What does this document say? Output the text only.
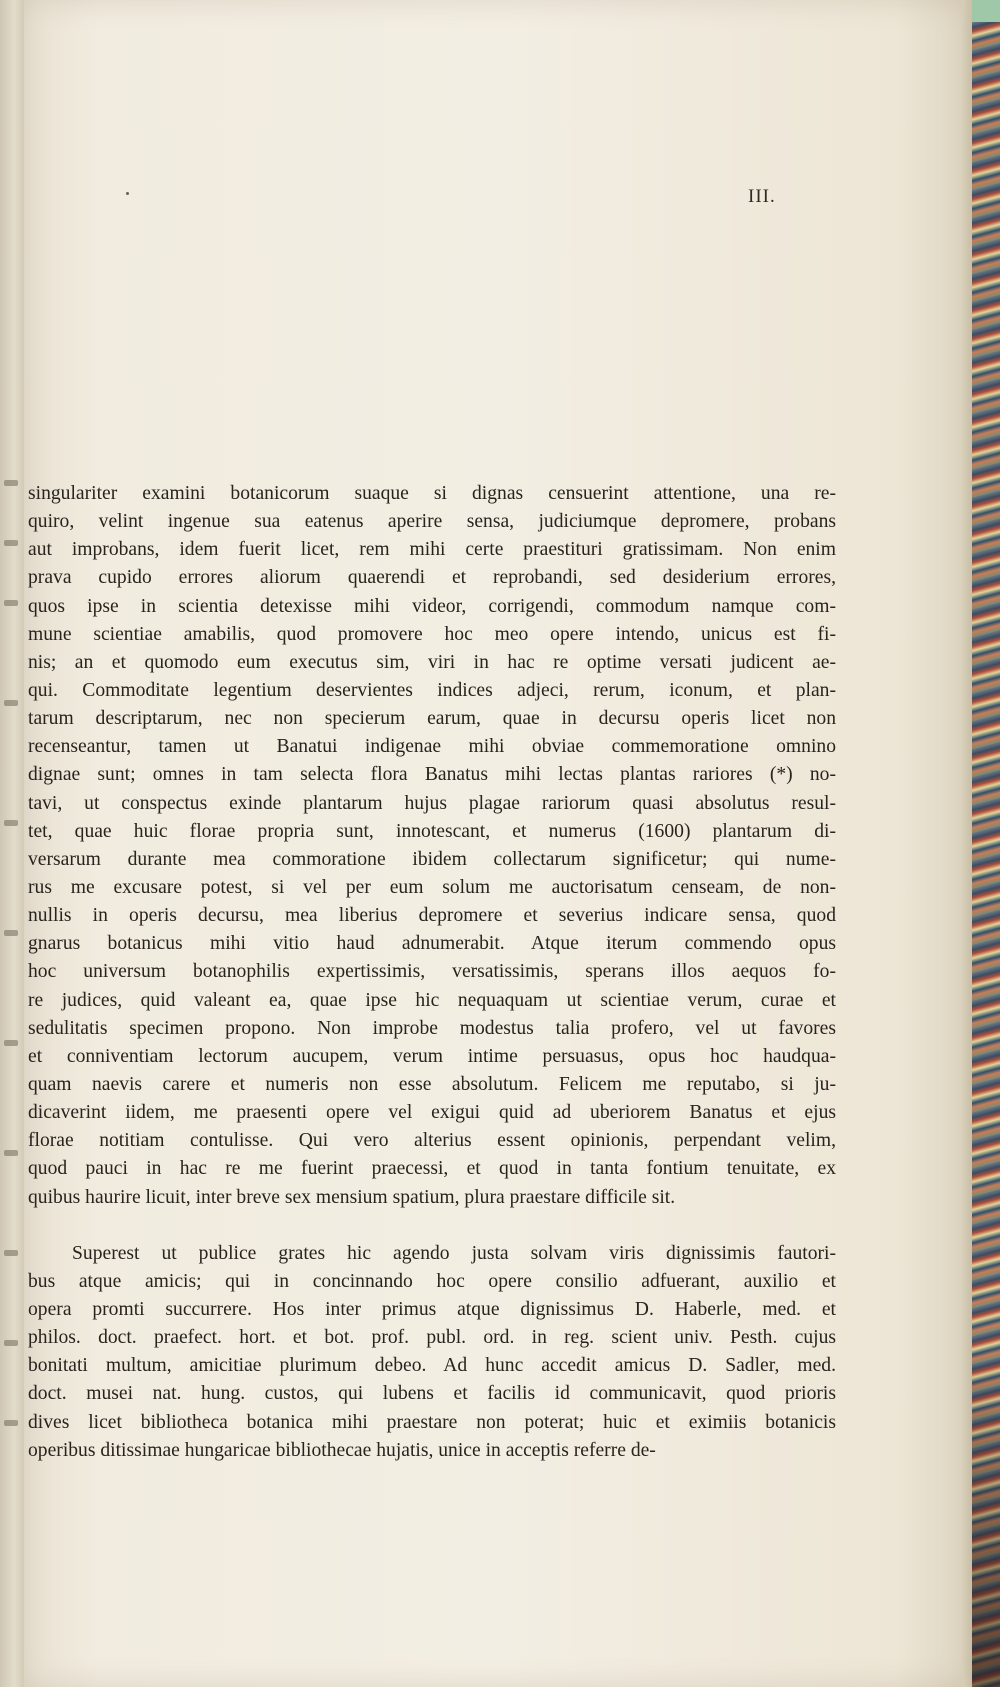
III.
singulariter examini botanicorum suaque si dignas censuerint attentione, una re-
quiro, velint ingenue sua eatenus aperire sensa, judiciumque depromere, probans
aut improbans, idem fuerit licet, rem mihi certe praestituri gratissimam. Non enim
prava cupido errores aliorum quaerendi et reprobandi, sed desiderium errores,
quos ipse in scientia detexisse mihi videor, corrigendi, commodum namque com-
mune scientiae amabilis, quod promovere hoc meo opere intendo, unicus est fi-
nis; an et quomodo eum executus sim, viri in hac re optime versati judicent ae-
qui. Commoditate legentium deservientes indices adjeci, rerum, iconum, et plan-
tarum descriptarum, nec non specierum earum, quae in decursu operis licet non
recenseantur, tamen ut Banatui indigenae mihi obviae commemoratione omnino
dignae sunt; omnes in tam selecta flora Banatus mihi lectas plantas rariores (*) no-
tavi, ut conspectus exinde plantarum hujus plagae rariorum quasi absolutus resul-
tet, quae huic florae propria sunt, innotescant, et numerus (1600) plantarum di-
versarum durante mea commoratione ibidem collectarum significetur; qui nume-
rus me excusare potest, si vel per eum solum me auctorisatum censeam, de non-
nullis in operis decursu, mea liberius depromere et severius indicare sensa, quod
gnarus botanicus mihi vitio haud adnumerabit. Atque iterum commendo opus
hoc universum botanophilis expertissimis, versatissimis, sperans illos aequos fo-
re judices, quid valeant ea, quae ipse hic nequaquam ut scientiae verum, curae et
sedulitatis specimen propono. Non improbe modestus talia profero, vel ut favores
et conniventiam lectorum aucupem, verum intime persuasus, opus hoc haudqua-
quam naevis carere et numeris non esse absolutum. Felicem me reputabo, si ju-
dicaverint iidem, me praesenti opere vel exigui quid ad uberiorem Banatus et ejus
florae notitiam contulisse. Qui vero alterius essent opinionis, perpendant velim,
quod pauci in hac re me fuerint praecessi, et quod in tanta fontium tenuitate, ex
quibus haurire licuit, inter breve sex mensium spatium, plura praestare difficile sit.
Superest ut publice grates hic agendo justa solvam viris dignissimis fautori-
bus atque amicis; qui in concinnando hoc opere consilio adfuerant, auxilio et
opera promti succurrere. Hos inter primus atque dignissimus D. Haberle, med. et
philos. doct. praefect. hort. et bot. prof. publ. ord. in reg. scient univ. Pesth. cujus
bonitati multum, amicitiae plurimum debeo. Ad hunc accedit amicus D. Sadler, med.
doct. musei nat. hung. custos, qui lubens et facilis id communicavit, quod prioris
dives licet bibliotheca botanica mihi praestare non poterat; huic et eximiis botanicis
operibus ditissimae hungaricae bibliothecae hujatis, unice in acceptis referre de-
